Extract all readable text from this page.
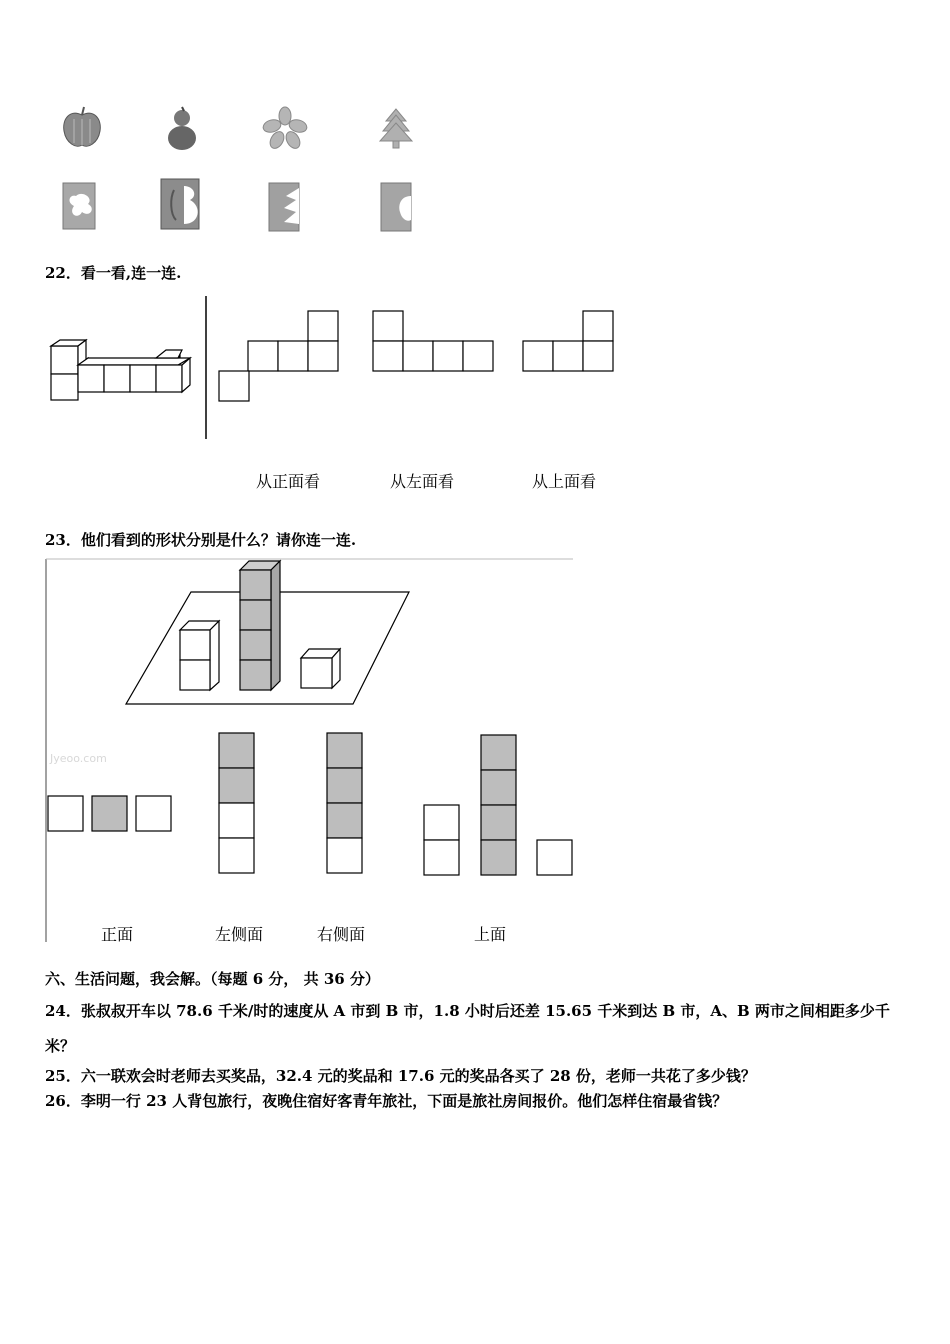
22．看一看,连一连.
从正面看	从左面看	从上面看
23．他们看到的形状分别是什么？请你连一连.
Jyeoo.com
正面	左侧面	右侧面	上面
六、生活问题，我会解。（每题 6 分， 共 36 分）
24．张叔叔开车以 78.6 千米/时的速度从 A 市到 B 市，1.8 小时后还差 15.65 千米到达 B 市，A、B 两市之间相距多少千米？
25．六一联欢会时老师去买奖品，32.4 元的奖品和 17.6 元的奖品各买了 28 份，老师一共花了多少钱？
26．李明一行 23 人背包旅行，夜晚住宿好客青年旅社，下面是旅社房间报价。他们怎样住宿最省钱？
